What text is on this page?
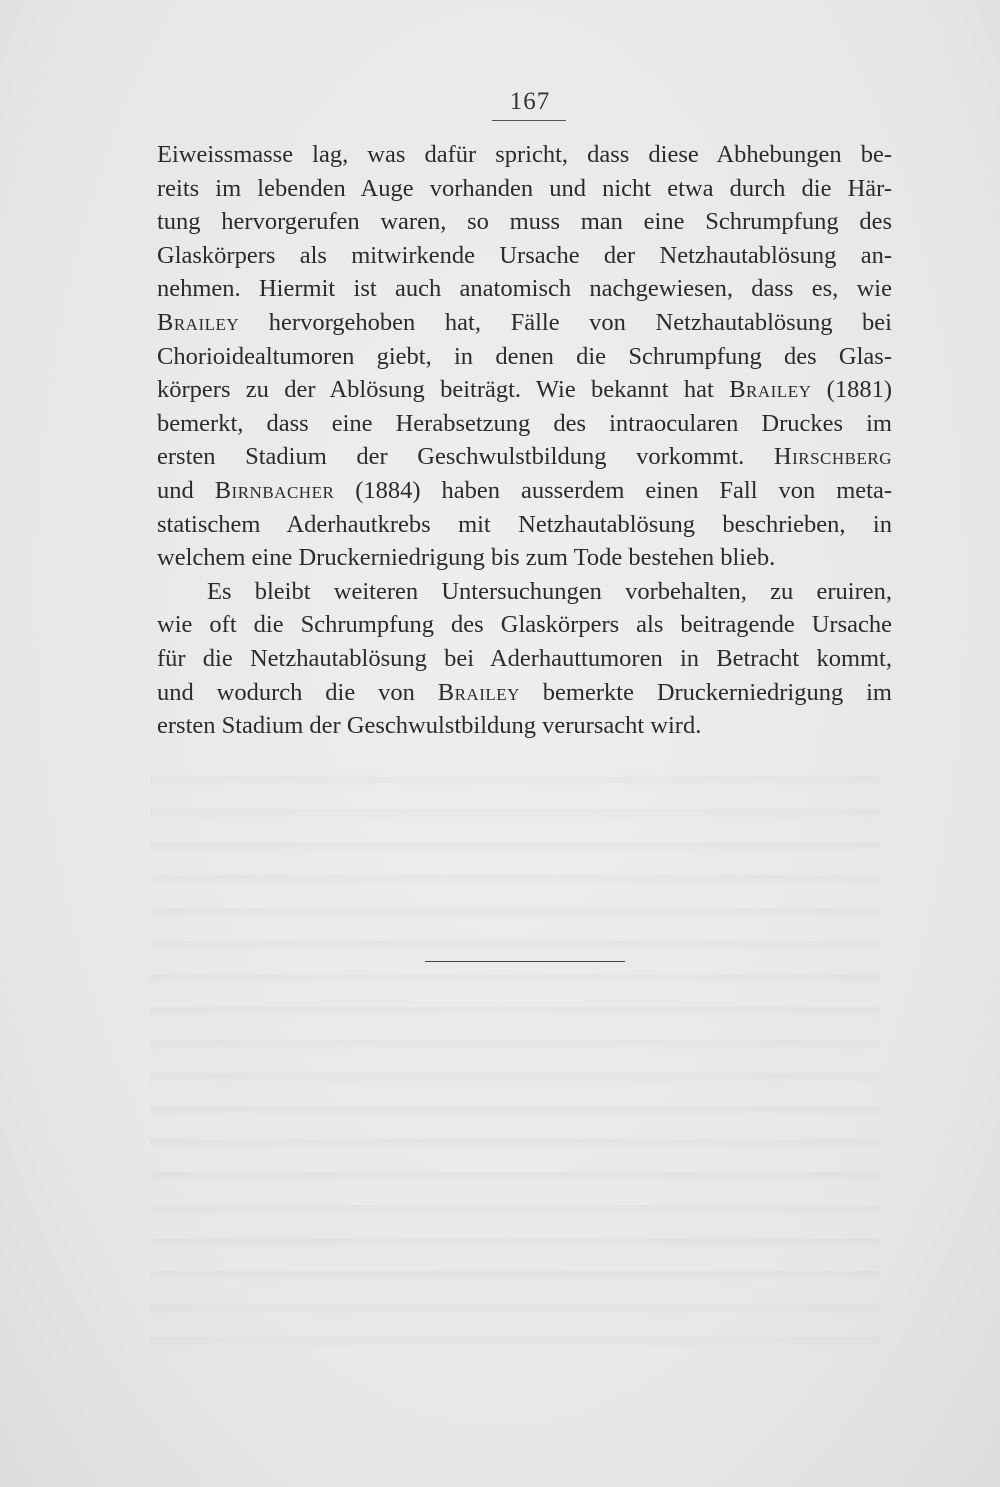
167
Eiweissmasse lag, was dafür spricht, dass diese Abhebungen be-
reits im lebenden Auge vorhanden und nicht etwa durch die Här-
tung hervorgerufen waren, so muss man eine Schrumpfung des
Glaskörpers als mitwirkende Ursache der Netzhautablösung an-
nehmen. Hiermit ist auch anatomisch nachgewiesen, dass es, wie
Brailey hervorgehoben hat, Fälle von Netzhautablösung bei
Chorioidealtumoren giebt, in denen die Schrumpfung des Glas-
körpers zu der Ablösung beiträgt. Wie bekannt hat Brailey (1881)
bemerkt, dass eine Herabsetzung des intraocularen Druckes im
ersten Stadium der Geschwulstbildung vorkommt. Hirschberg
und Birnbacher (1884) haben ausserdem einen Fall von meta-
statischem Aderhautkrebs mit Netzhautablösung beschrieben, in
welchem eine Druckerniedrigung bis zum Tode bestehen blieb.
Es bleibt weiteren Untersuchungen vorbehalten, zu eruiren,
wie oft die Schrumpfung des Glaskörpers als beitragende Ursache
für die Netzhautablösung bei Aderhauttumoren in Betracht kommt,
und wodurch die von Brailey bemerkte Druckerniedrigung im
ersten Stadium der Geschwulstbildung verursacht wird.
